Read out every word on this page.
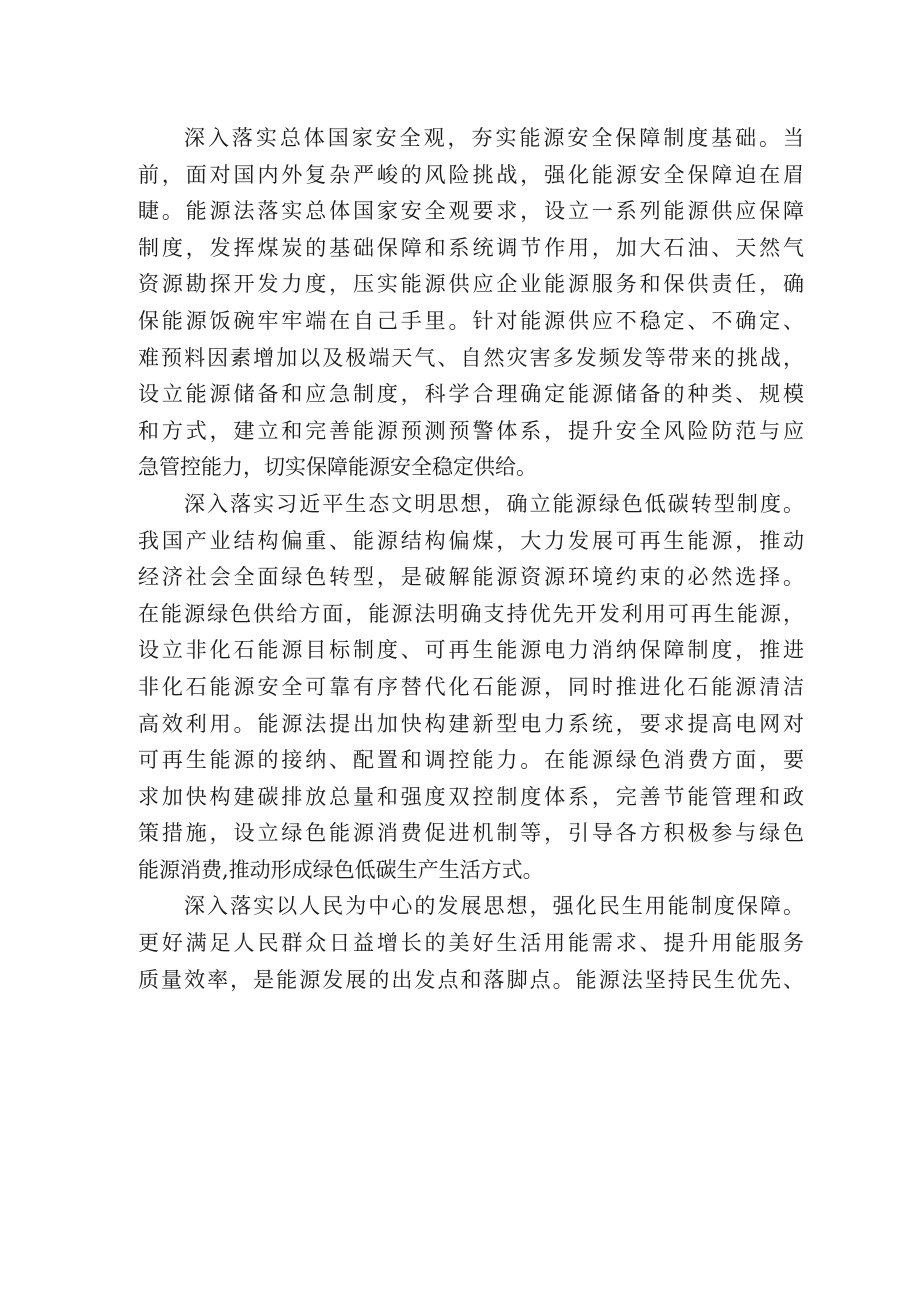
深入落实总体国家安全观，夯实能源安全保障制度基础。当
前，面对国内外复杂严峻的风险挑战，强化能源安全保障迫在眉
睫。能源法落实总体国家安全观要求，设立一系列能源供应保障
制度，发挥煤炭的基础保障和系统调节作用，加大石油、天然气
资源勘探开发力度，压实能源供应企业能源服务和保供责任，确
保能源饭碗牢牢端在自己手里。针对能源供应不稳定、不确定、
难预料因素增加以及极端天气、自然灾害多发频发等带来的挑战，
设立能源储备和应急制度，科学合理确定能源储备的种类、规模
和方式，建立和完善能源预测预警体系，提升安全风险防范与应
急管控能力，切实保障能源安全稳定供给。
深入落实习近平生态文明思想，确立能源绿色低碳转型制度。
我国产业结构偏重、能源结构偏煤，大力发展可再生能源，推动
经济社会全面绿色转型，是破解能源资源环境约束的必然选择。
在能源绿色供给方面，能源法明确支持优先开发利用可再生能源，
设立非化石能源目标制度、可再生能源电力消纳保障制度，推进
非化石能源安全可靠有序替代化石能源，同时推进化石能源清洁
高效利用。能源法提出加快构建新型电力系统，要求提高电网对
可再生能源的接纳、配置和调控能力。在能源绿色消费方面，要
求加快构建碳排放总量和强度双控制度体系，完善节能管理和政
策措施，设立绿色能源消费促进机制等，引导各方积极参与绿色
能源消费,推动形成绿色低碳生产生活方式。
深入落实以人民为中心的发展思想，强化民生用能制度保障。
更好满足人民群众日益增长的美好生活用能需求、提升用能服务
质量效率，是能源发展的出发点和落脚点。能源法坚持民生优先、
